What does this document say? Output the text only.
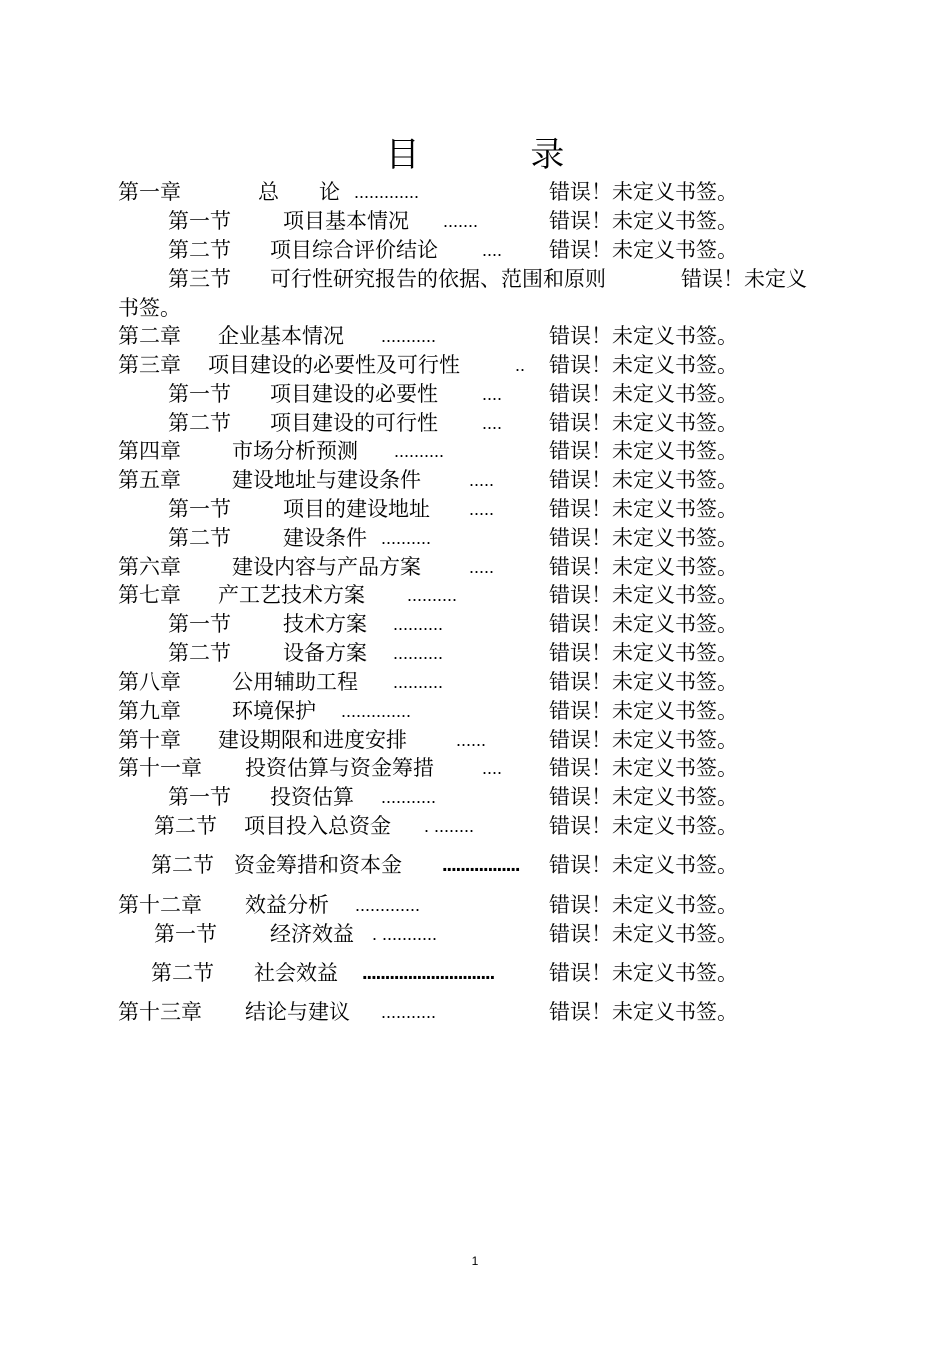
目 录
第一章	总      论 .............	错误！未定义书签。
第一节 项目基本情况 .......	错误！未定义书签。
第二节 项目综合评价结论 .... 错误！未定义书签。
第三节 可行性研究报告的依据、范围和原则	错误！未定义
书签。
第二章 企业基本情况 ...........	错误！未定义书签。
第三章 项目建设的必要性及可行性	.. 错误！未定义书签。
第一节 项目建设的必要性 .... 错误！未定义书签。
第二节 项目建设的可行性 .... 错误！未定义书签。
第四章 市场分析预测 ..........	错误！未定义书签。
第五章 建设地址与建设条件	.....	错误！未定义书签。
第一节 项目的建设地址 .....	错误！未定义书签。
第二节 建设条件 ..........	错误！未定义书签。
第六章 建设内容与产品方案	.....	错误！未定义书签。
第七章 产工艺技术方案 ..........	错误！未定义书签。
第一节 技术方案 ..........	错误！未定义书签。
第二节 设备方案 ..........	错误！未定义书签。
第八章 公用辅助工程 ..........	错误！未定义书签。
第九章 环境保护 ..............	错误！未定义书签。
第十章 建设期限和进度安排	......	错误！未定义书签。
第十一章 投资估算与资金筹措	.... 错误！未定义书签。
第一节 投资估算 ...........	错误！未定义书签。
第二节 项目投入总资金 . ........	错误！未定义书签。
第二节 资金筹措和资本金 ................. 错误！未定义书签。
第十二章 效益分析 .............	错误！未定义书签。
第一节	经济效益 . ...........	错误！未定义书签。
第二节 社会效益 .............................	错误！未定义书签。
第十三章 结论与建议 ...........	错误！未定义书签。
1
